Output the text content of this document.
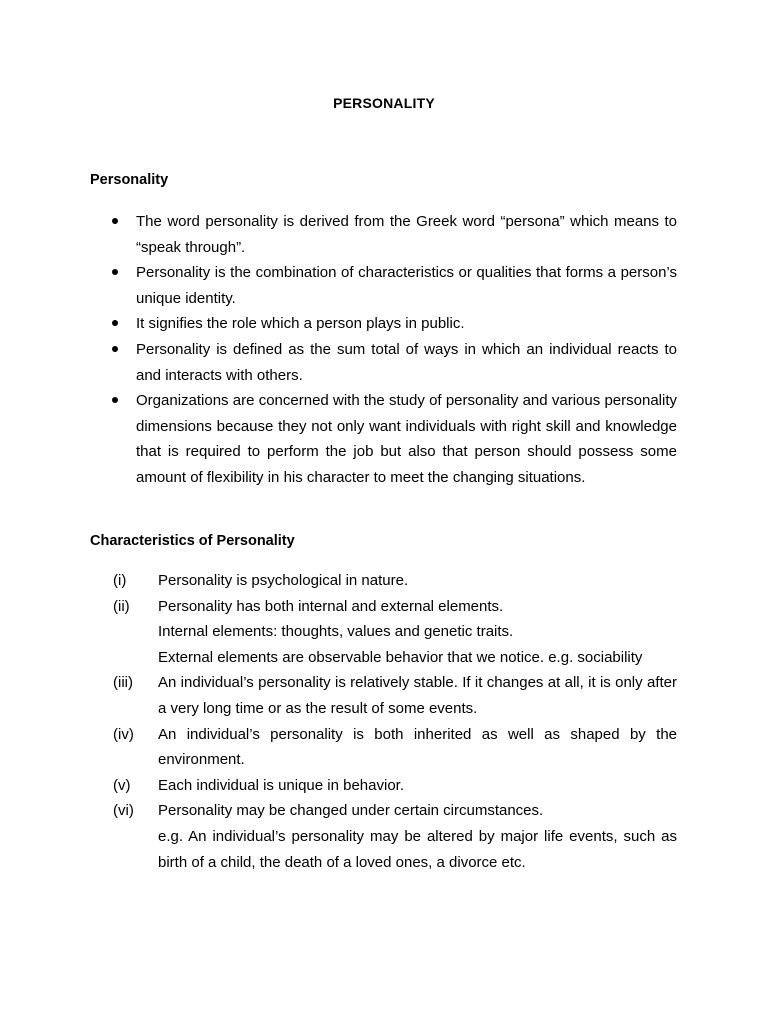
PERSONALITY
Personality
The word personality is derived from the Greek word “persona” which means to “speak through”.
Personality is the combination of characteristics or qualities that forms a person’s unique identity.
It signifies the role which a person plays in public.
Personality is defined as the sum total of ways in which an individual reacts to and interacts with others.
Organizations are concerned with the study of personality and various personality dimensions because they not only want individuals with right skill and knowledge that is required to perform the job but also that person should possess some amount of flexibility in his character to meet the changing situations.
Characteristics of Personality
(i) Personality is psychological in nature.
(ii) Personality has both internal and external elements.
Internal elements: thoughts, values and genetic traits.
External elements are observable behavior that we notice. e.g. sociability
(iii) An individual’s personality is relatively stable. If it changes at all, it is only after a very long time or as the result of some events.
(iv) An individual’s personality is both inherited as well as shaped by the environment.
(v) Each individual is unique in behavior.
(vi) Personality may be changed under certain circumstances.
e.g. An individual’s personality may be altered by major life events, such as birth of a child, the death of a loved ones, a divorce etc.
